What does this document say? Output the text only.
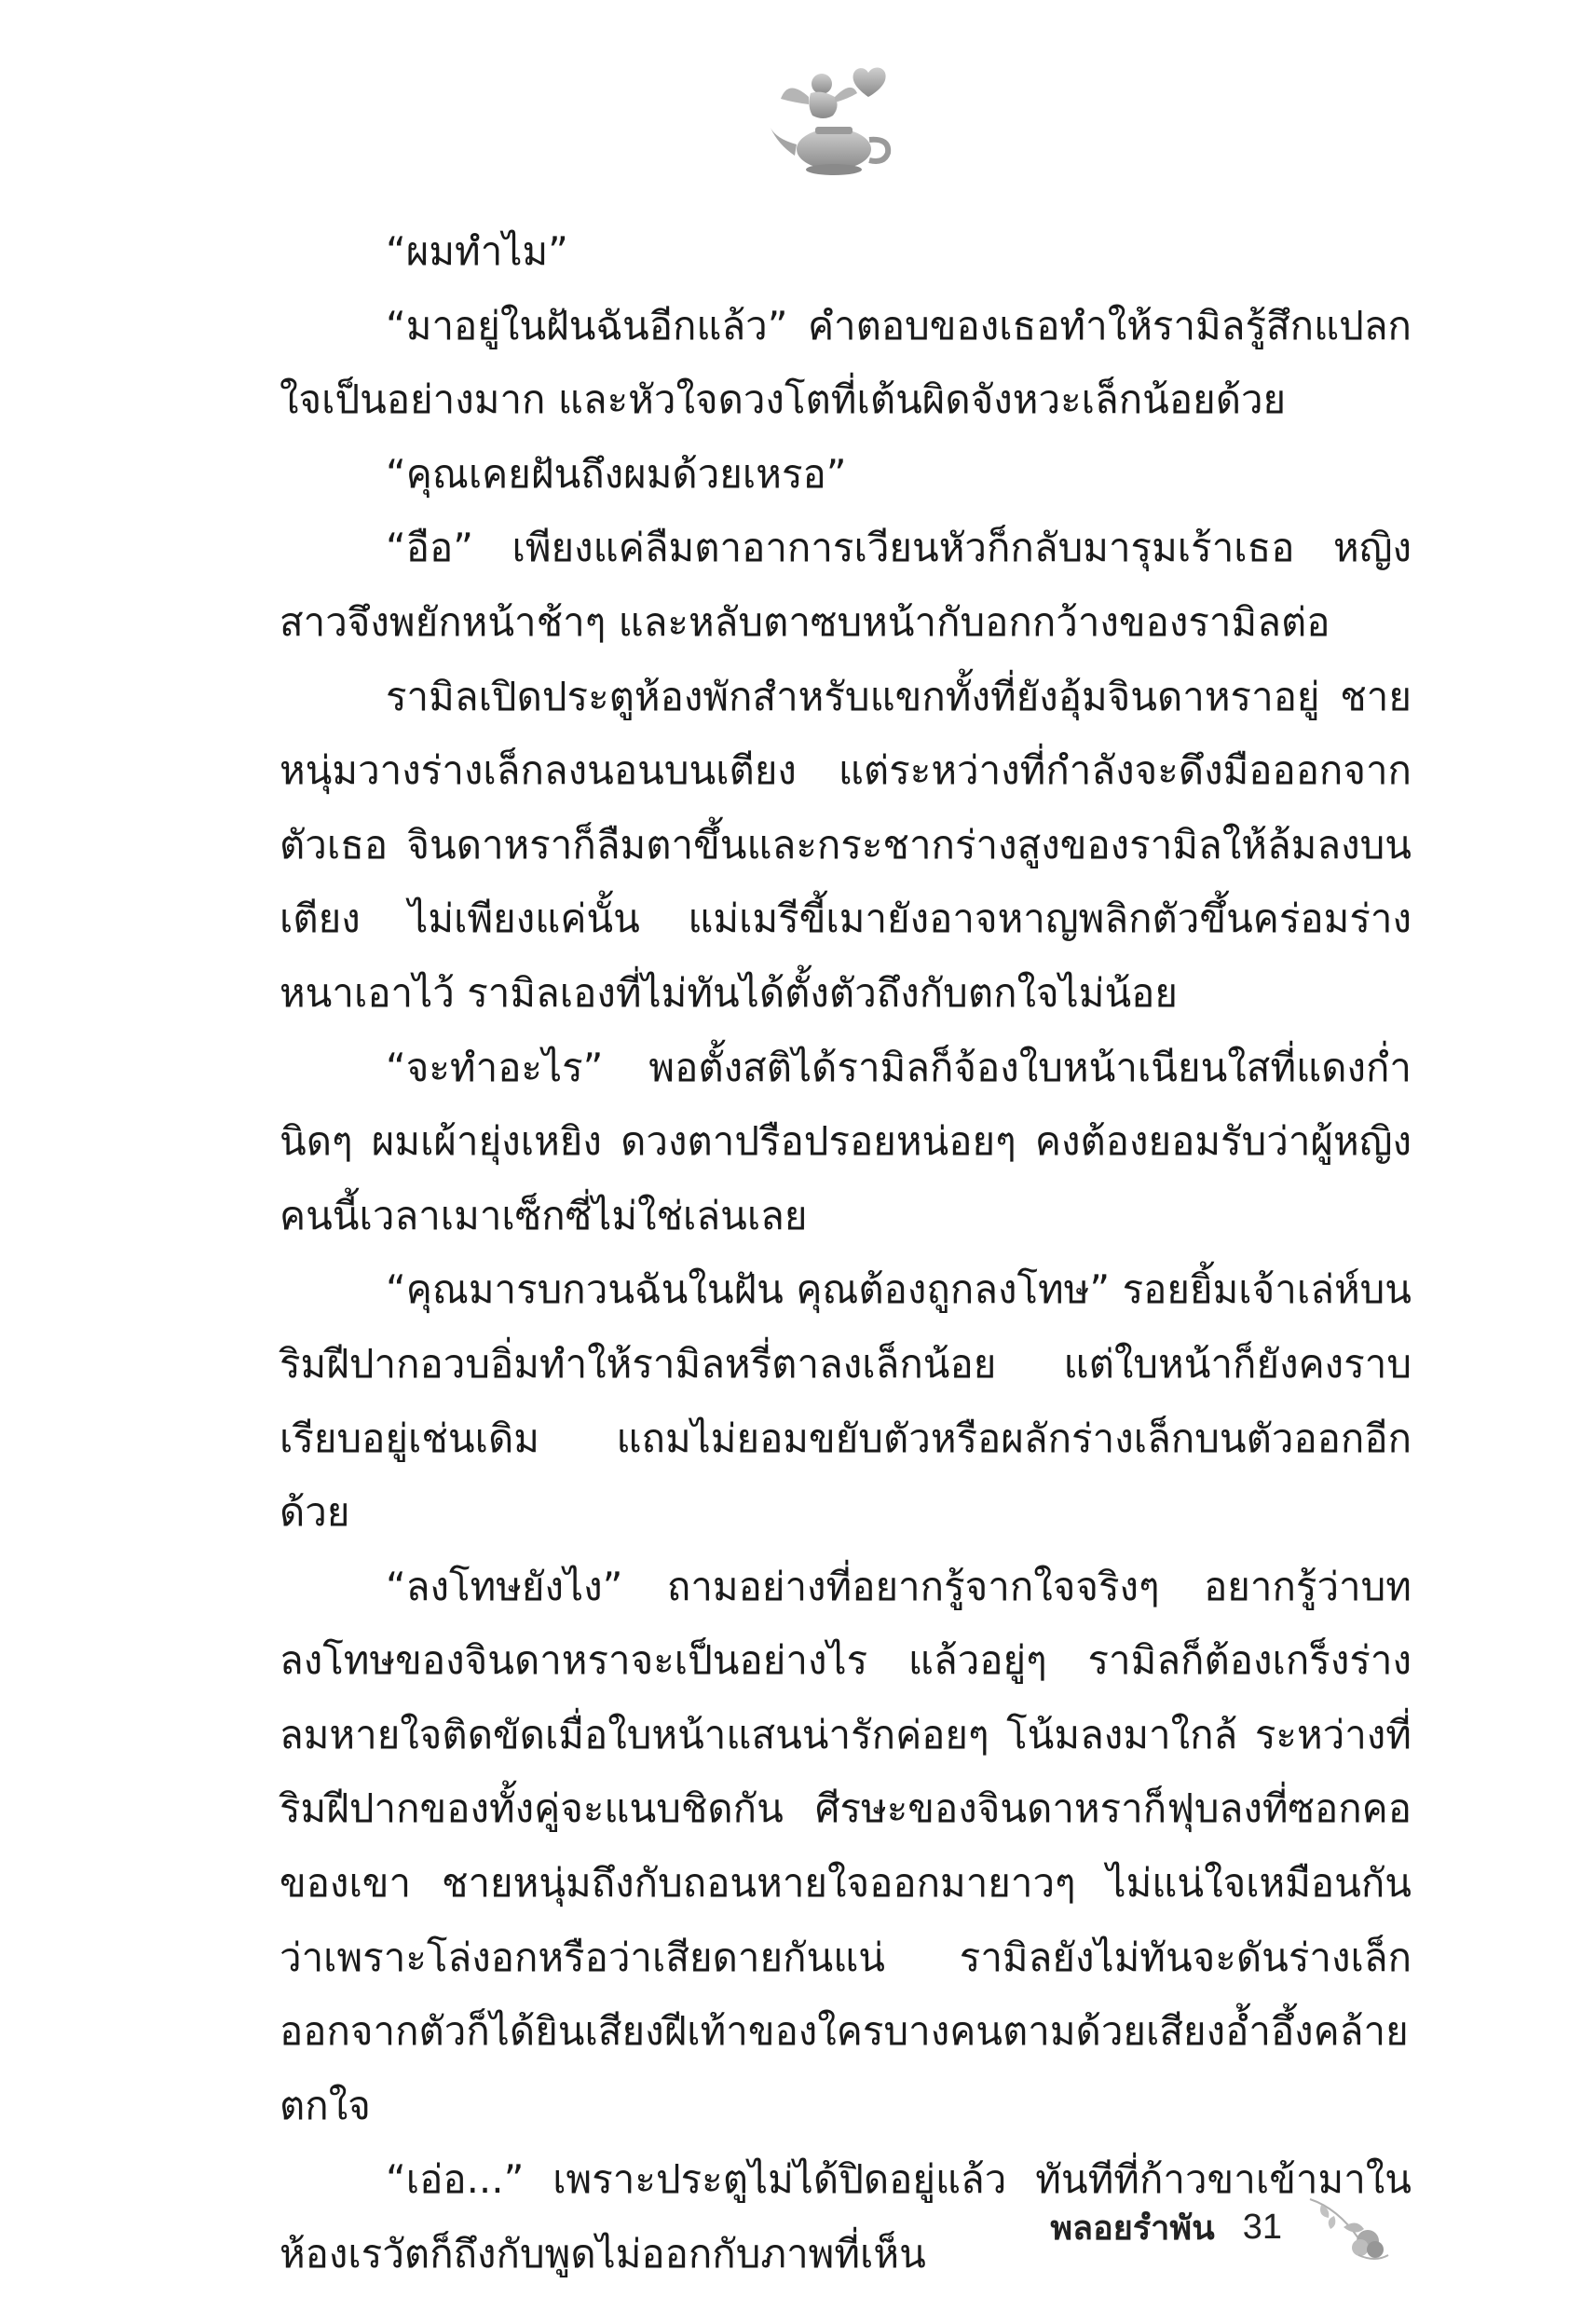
“ผมทำไม”

“มาอยู่ในฝันฉันอีกแล้ว” คำตอบของเธอทำให้รามิลรู้สึกแปลกใจเป็นอย่างมาก และหัวใจดวงโตที่เต้นผิดจังหวะเล็กน้อยด้วย

“คุณเคยฝันถึงผมด้วยเหรอ”

“อือ” เพียงแค่ลืมตาอาการเวียนหัวก็กลับมารุมเร้าเธอ หญิงสาวจึงพยักหน้าช้าๆ และหลับตาซบหน้ากับอกกว้างของรามิลต่อ

รามิลเปิดประตูห้องพักสำหรับแขกทั้งที่ยังอุ้มจินดาหราอยู่ ชายหนุ่มวางร่างเล็กลงนอนบนเตียง แต่ระหว่างที่กำลังจะดึงมือออกจากตัวเธอ จินดาหราก็ลืมตาขึ้นและกระชากร่างสูงของรามิลให้ล้มลงบนเตียง ไม่เพียงแค่นั้น แม่เมรีขี้เมายังอาจหาญพลิกตัวขึ้นคร่อมร่างหนาเอาไว้ รามิลเองที่ไม่ทันได้ตั้งตัวถึงกับตกใจไม่น้อย

“จะทำอะไร” พอตั้งสติได้รามิลก็จ้องใบหน้าเนียนใสที่แดงก่ำนิดๆ ผมเผ้ายุ่งเหยิง ดวงตาปรือปรอยหน่อยๆ คงต้องยอมรับว่าผู้หญิงคนนี้เวลาเมาเซ็กซี่ไม่ใช่เล่นเลย

“คุณมารบกวนฉันในฝัน คุณต้องถูกลงโทษ” รอยยิ้มเจ้าเล่ห์บนริมฝีปากอวบอิ่มทำให้รามิลหรี่ตาลงเล็กน้อย แต่ใบหน้าก็ยังคงราบเรียบอยู่เช่นเดิม แถมไม่ยอมขยับตัวหรือผลักร่างเล็กบนตัวออกอีกด้วย

“ลงโทษยังไง” ถามอย่างที่อยากรู้จากใจจริงๆ อยากรู้ว่าบทลงโทษของจินดาหราจะเป็นอย่างไร แล้วอยู่ๆ รามิลก็ต้องเกร็งร่าง ลมหายใจติดขัดเมื่อใบหน้าแสนน่ารักค่อยๆ โน้มลงมาใกล้ ระหว่างที่ริมฝีปากของทั้งคู่จะแนบชิดกัน ศีรษะของจินดาหราก็ฟุบลงที่ซอกคอของเขา ชายหนุ่มถึงกับถอนหายใจออกมายาวๆ ไม่แน่ใจเหมือนกันว่าเพราะโล่งอกหรือว่าเสียดายกันแน่ รามิลยังไม่ทันจะดันร่างเล็กออกจากตัวก็ได้ยินเสียงฝีเท้าของใครบางคนตามด้วยเสียงอ้ำอึ้งคล้ายตกใจ

“เอ่อ...” เพราะประตูไม่ได้ปิดอยู่แล้ว ทันทีที่ก้าวขาเข้ามาในห้องเรวัตก็ถึงกับพูดไม่ออกกับภาพที่เห็น

พลอยรำพัน 31
